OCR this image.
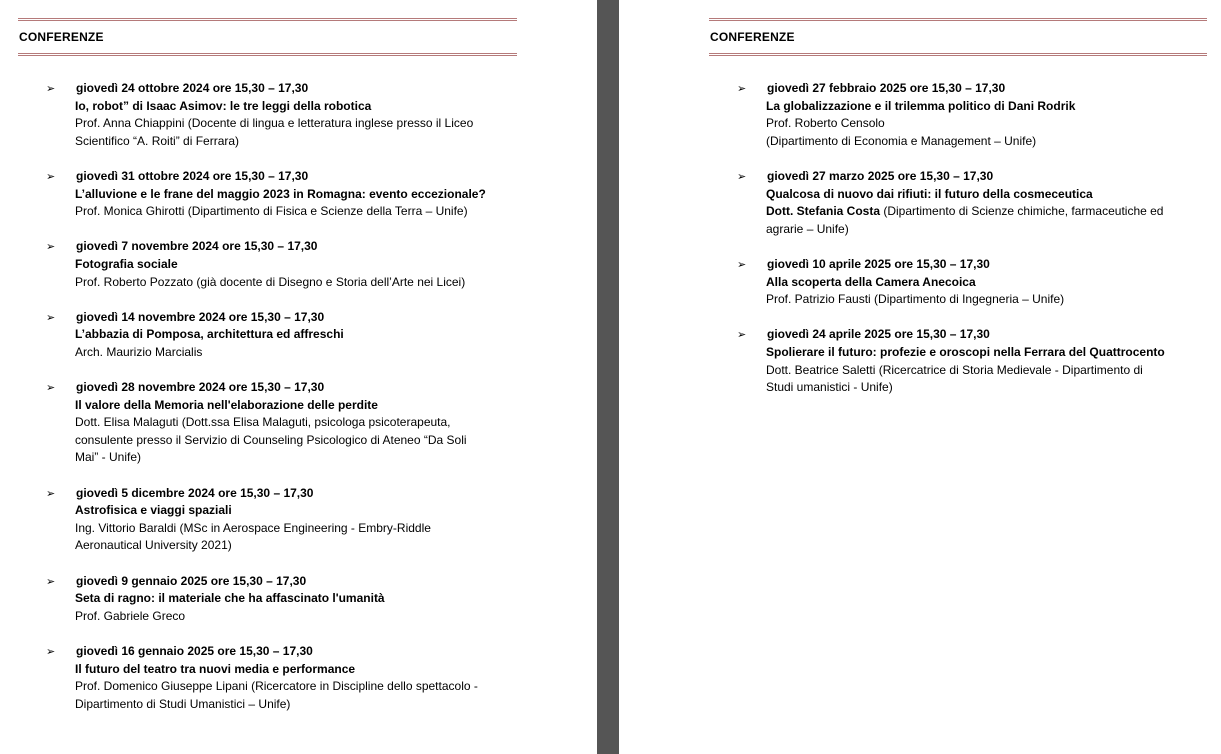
CONFERENZE
➢ giovedì 24 ottobre 2024 ore 15,30 – 17,30
Io, robot” di Isaac Asimov: le tre leggi della robotica
Prof. Anna Chiappini (Docente di lingua e letteratura inglese presso il Liceo
Scientifico “A. Roiti” di Ferrara)
➢ giovedì 31 ottobre 2024 ore 15,30 – 17,30
L’alluvione e le frane del maggio 2023 in Romagna: evento eccezionale?
Prof. Monica Ghirotti (Dipartimento di Fisica e Scienze della Terra – Unife)
➢ giovedì 7 novembre 2024 ore 15,30 – 17,30
Fotografia sociale
Prof. Roberto Pozzato (già docente di Disegno e Storia dell’Arte nei Licei)
➢ giovedì 14 novembre 2024 ore 15,30 – 17,30
L’abbazia di Pomposa, architettura ed affreschi
Arch. Maurizio Marcialis
➢ giovedì 28 novembre 2024 ore 15,30 – 17,30
Il valore della Memoria nell'elaborazione delle perdite
Dott. Elisa Malaguti (Dott.ssa Elisa Malaguti, psicologa psicoterapeuta,
consulente presso il Servizio di Counseling Psicologico di Ateneo “Da Soli
Mai” - Unife)
➢ giovedì 5 dicembre 2024 ore 15,30 – 17,30
Astrofisica e viaggi spaziali
Ing. Vittorio Baraldi (MSc in Aerospace Engineering - Embry-Riddle
Aeronautical University 2021)
➢ giovedì 9 gennaio 2025 ore 15,30 – 17,30
Seta di ragno: il materiale che ha affascinato l'umanità
Prof. Gabriele Greco
➢ giovedì 16 gennaio 2025 ore 15,30 – 17,30
Il futuro del teatro tra nuovi media e performance
Prof. Domenico Giuseppe Lipani (Ricercatore in Discipline dello spettacolo -
Dipartimento di Studi Umanistici – Unife)
CONFERENZE
➢ giovedì 27 febbraio 2025 ore 15,30 – 17,30
La globalizzazione e il trilemma politico di Dani Rodrik
Prof. Roberto Censolo
(Dipartimento di Economia e Management – Unife)
➢ giovedì 27 marzo 2025 ore 15,30 – 17,30
Qualcosa di nuovo dai rifiuti: il futuro della cosmeceutica
Dott. Stefania Costa (Dipartimento di Scienze chimiche, farmaceutiche ed
agrarie – Unife)
➢ giovedì 10 aprile 2025 ore 15,30 – 17,30
Alla scoperta della Camera Anecoica
Prof. Patrizio Fausti (Dipartimento di Ingegneria – Unife)
➢ giovedì 24 aprile 2025 ore 15,30 – 17,30
Spolierare il futuro: profezie e oroscopi nella Ferrara del Quattrocento
Dott. Beatrice Saletti (Ricercatrice di Storia Medievale - Dipartimento di
Studi umanistici - Unife)
